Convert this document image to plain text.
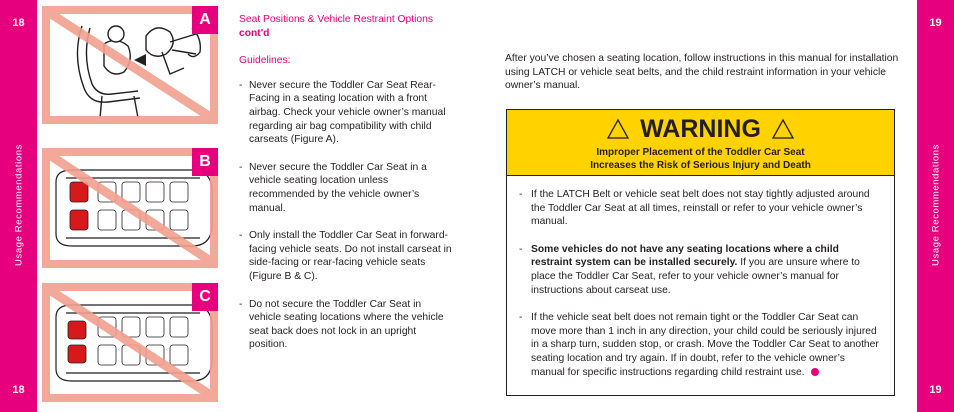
18
Usage Recommendations
18
A
B
C
Seat Positions & Vehicle Restraint Options cont'd
Guidelines:
- Never secure the Toddler Car Seat Rear-Facing in a seating location with a front airbag. Check your vehicle owner’s manual regarding air bag compatibility with child carseats (Figure A).
- Never secure the Toddler Car Seat in a vehicle seating location unless recommended by the vehicle owner’s manual.
- Only install the Toddler Car Seat in forward-facing vehicle seats. Do not install carseat in side-facing or rear-facing vehicle seats (Figure B & C).
- Do not secure the Toddler Car Seat in vehicle seating locations where the vehicle seat back does not lock in an upright position.
After you’ve chosen a seating location, follow instructions in this manual for installation using LATCH or vehicle seat belts, and the child restraint information in your vehicle owner’s manual.
WARNING
Improper Placement of the Toddler Car Seat
Increases the Risk of Serious Injury and Death
- If the LATCH Belt or vehicle seat belt does not stay tightly adjusted around the Toddler Car Seat at all times, reinstall or refer to your vehicle owner’s manual.
- Some vehicles do not have any seating locations where a child restraint system can be installed securely. If you are unsure where to place the Toddler Car Seat, refer to your vehicle owner’s manual for instructions about carseat use.
- If the vehicle seat belt does not remain tight or the Toddler Car Seat can move more than 1 inch in any direction, your child could be seriously injured in a sharp turn, sudden stop, or crash. Move the Toddler Car Seat to another seating location and try again. If in doubt, refer to the vehicle owner’s manual for specific instructions regarding child restraint use.
19
Usage Recommendations
19
